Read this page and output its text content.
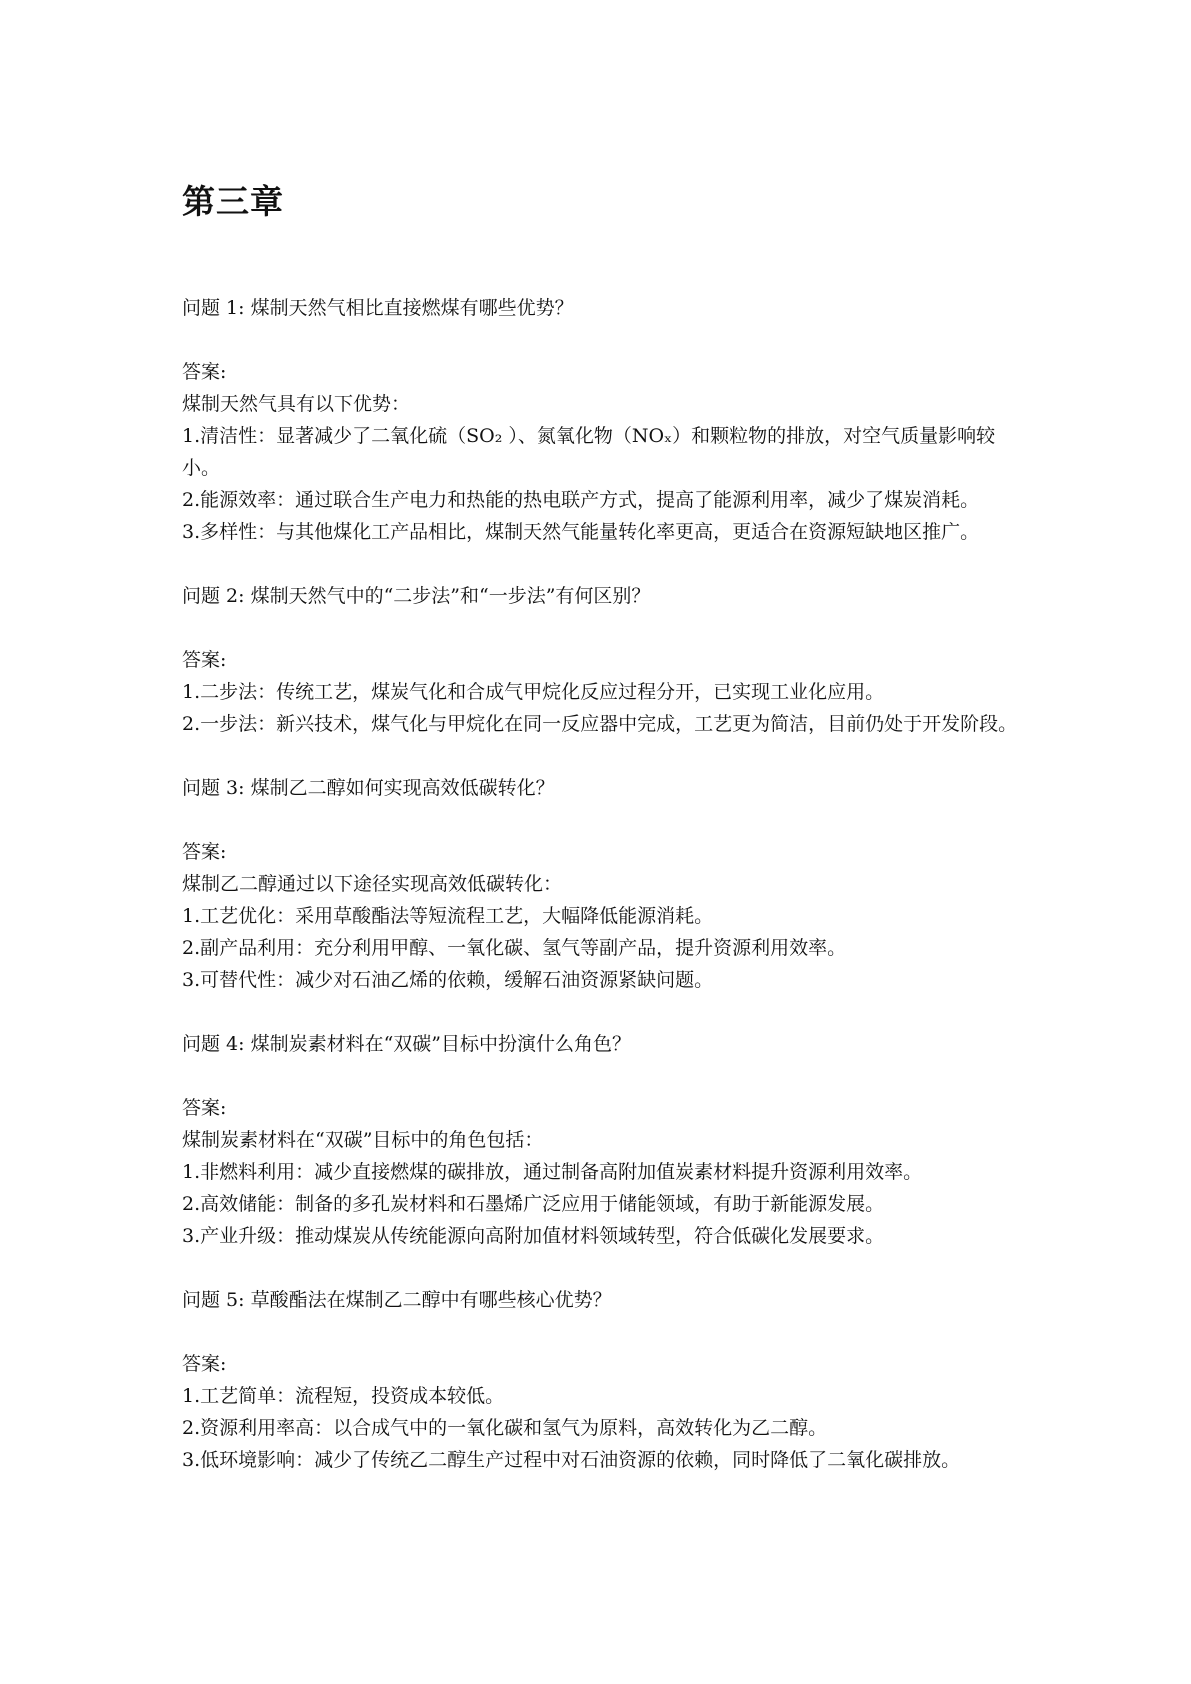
第三章

问题 1: 煤制天然气相比直接燃煤有哪些优势？

答案:

煤制天然气具有以下优势：

1.清洁性：显著减少了二氧化硫（SO₂ ）、氮氧化物（NOₓ）和颗粒物的排放，对空气质量影响较小。

2.能源效率：通过联合生产电力和热能的热电联产方式，提高了能源利用率，减少了煤炭消耗。

3.多样性：与其他煤化工产品相比，煤制天然气能量转化率更高，更适合在资源短缺地区推广。

问题 2: 煤制天然气中的“二步法”和“一步法”有何区别？

答案:

1.二步法：传统工艺，煤炭气化和合成气甲烷化反应过程分开，已实现工业化应用。

2.一步法：新兴技术，煤气化与甲烷化在同一反应器中完成，工艺更为简洁，目前仍处于开发阶段。

问题 3: 煤制乙二醇如何实现高效低碳转化？

答案:

煤制乙二醇通过以下途径实现高效低碳转化：

1.工艺优化：采用草酸酯法等短流程工艺，大幅降低能源消耗。

2.副产品利用：充分利用甲醇、一氧化碳、氢气等副产品，提升资源利用效率。

3.可替代性：减少对石油乙烯的依赖，缓解石油资源紧缺问题。

问题 4: 煤制炭素材料在“双碳”目标中扮演什么角色？

答案:

煤制炭素材料在“双碳”目标中的角色包括：

1.非燃料利用：减少直接燃煤的碳排放，通过制备高附加值炭素材料提升资源利用效率。

2.高效储能：制备的多孔炭材料和石墨烯广泛应用于储能领域，有助于新能源发展。

3.产业升级：推动煤炭从传统能源向高附加值材料领域转型，符合低碳化发展要求。

问题 5: 草酸酯法在煤制乙二醇中有哪些核心优势？

答案:

1.工艺简单：流程短，投资成本较低。

2.资源利用率高：以合成气中的一氧化碳和氢气为原料，高效转化为乙二醇。

3.低环境影响：减少了传统乙二醇生产过程中对石油资源的依赖，同时降低了二氧化碳排放。
